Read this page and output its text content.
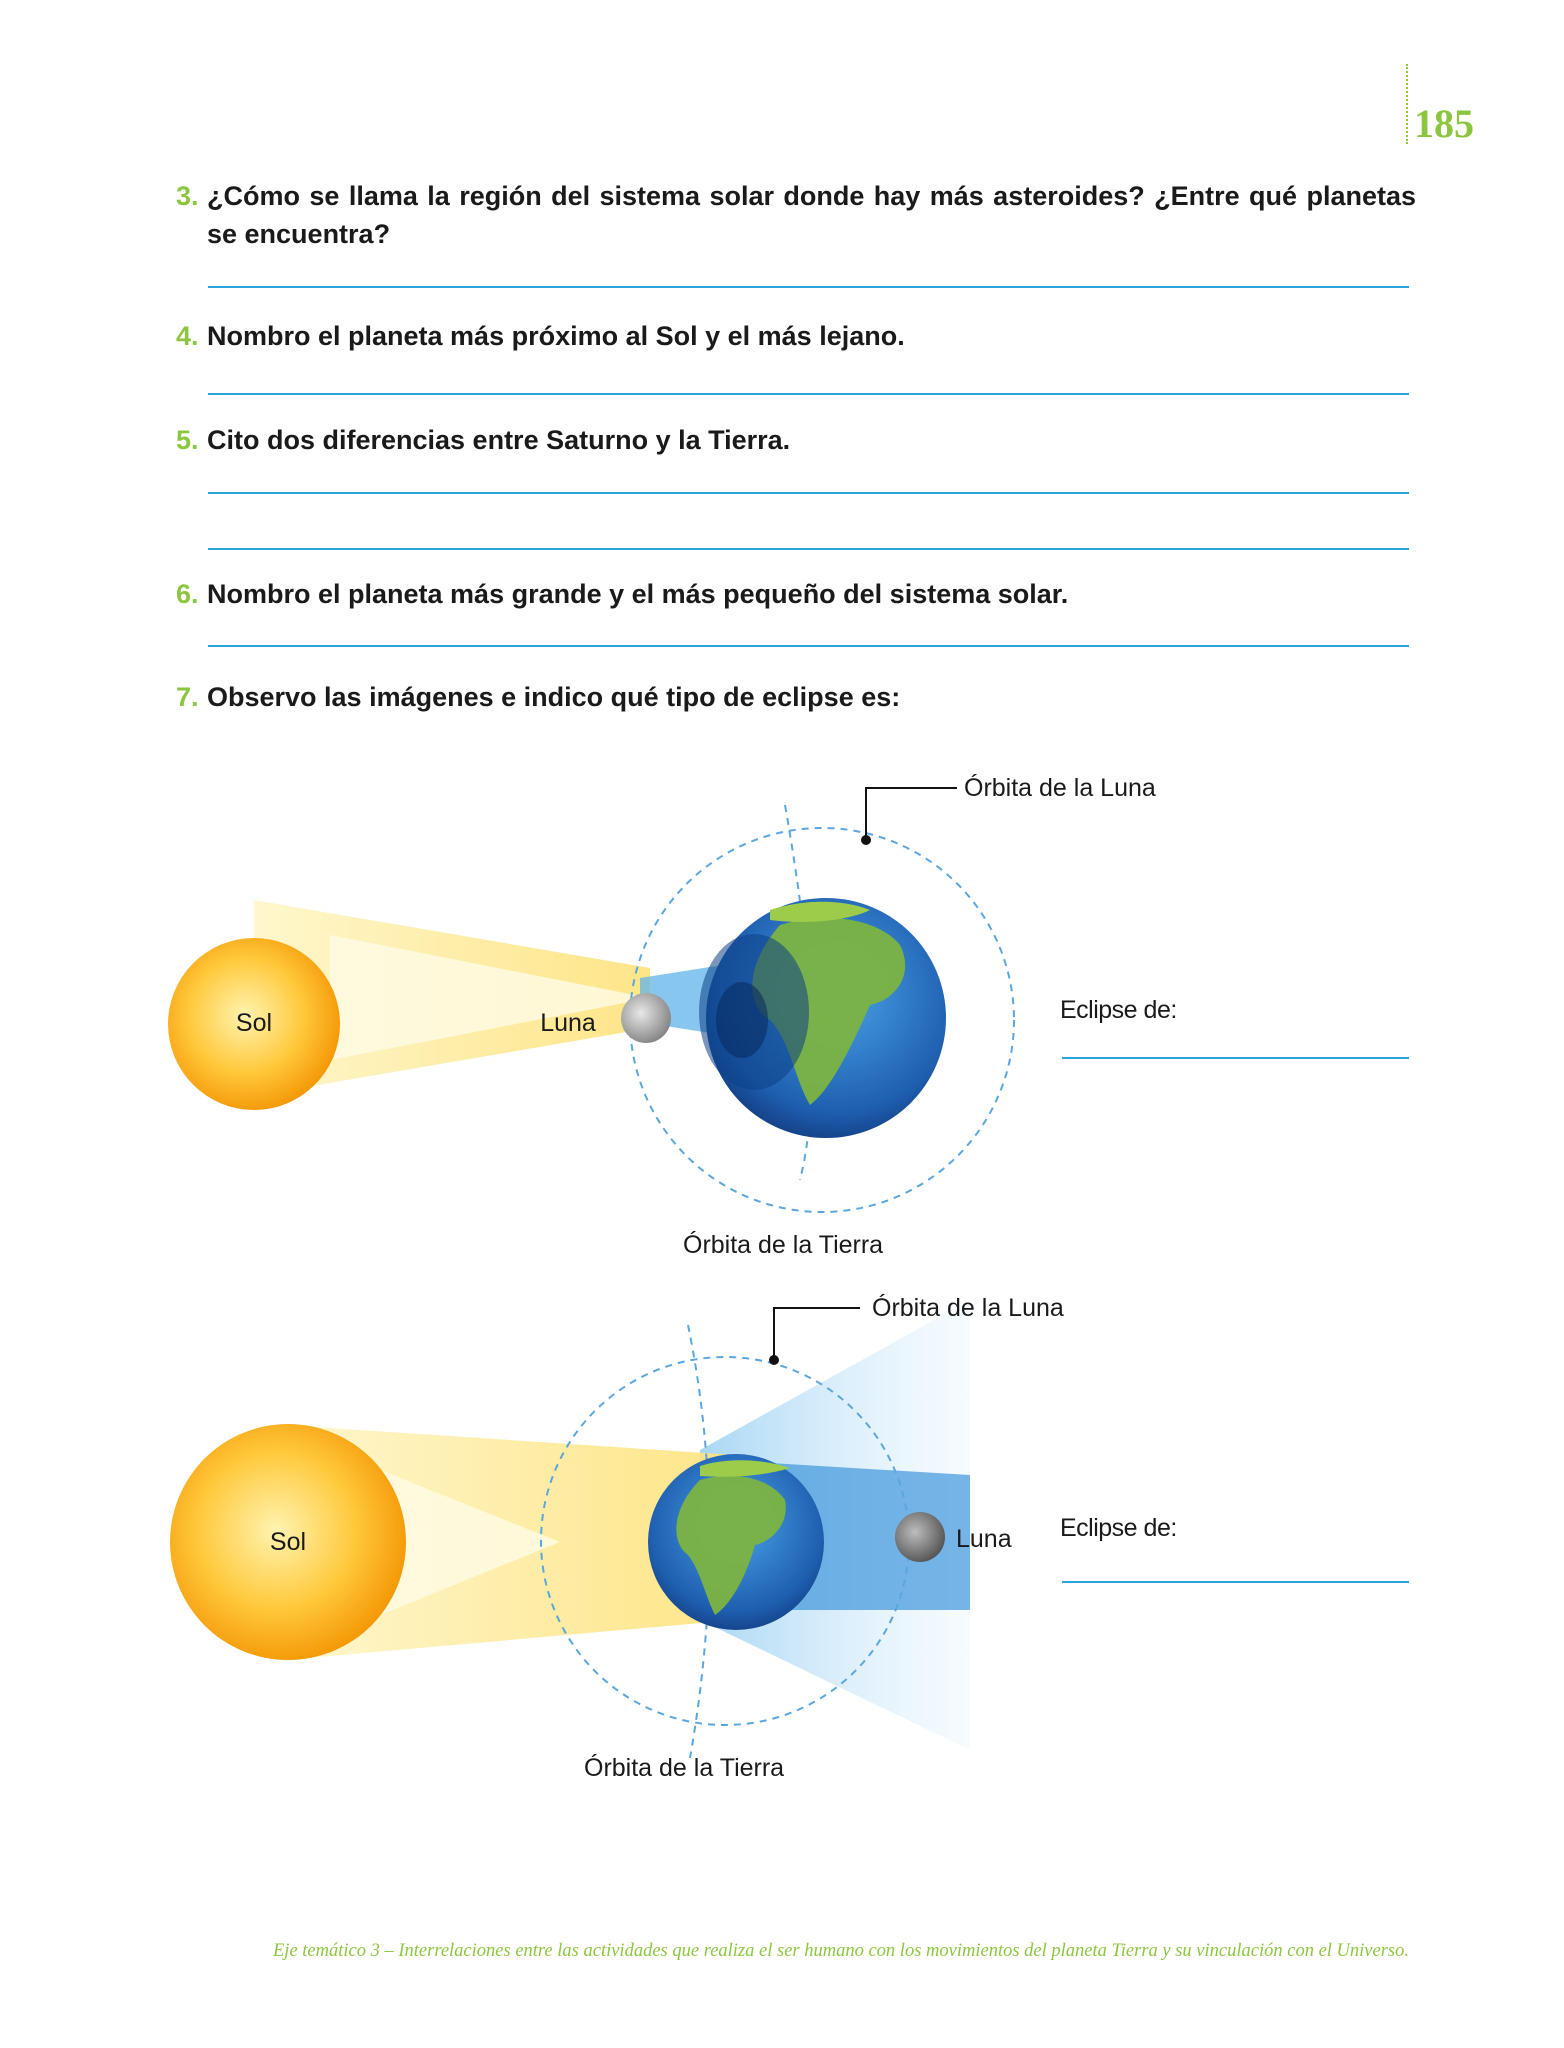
185
3. ¿Cómo se llama la región del sistema solar donde hay más asteroides? ¿Entre qué planetas se encuentra?
4. Nombro el planeta más próximo al Sol y el más lejano.
5. Cito dos diferencias entre Saturno y la Tierra.
6. Nombro el planeta más grande y el más pequeño del sistema solar.
7. Observo las imágenes e indico qué tipo de eclipse es:
Sol	Luna
Órbita de la Luna
Órbita de la Tierra
Eclipse de:
Sol	Luna
Órbita de la Luna
Órbita de la Tierra
Eclipse de:
Eje temático 3 – Interrelaciones entre las actividades que realiza el ser humano con los movimientos del planeta Tierra y su vinculación con el Universo.
